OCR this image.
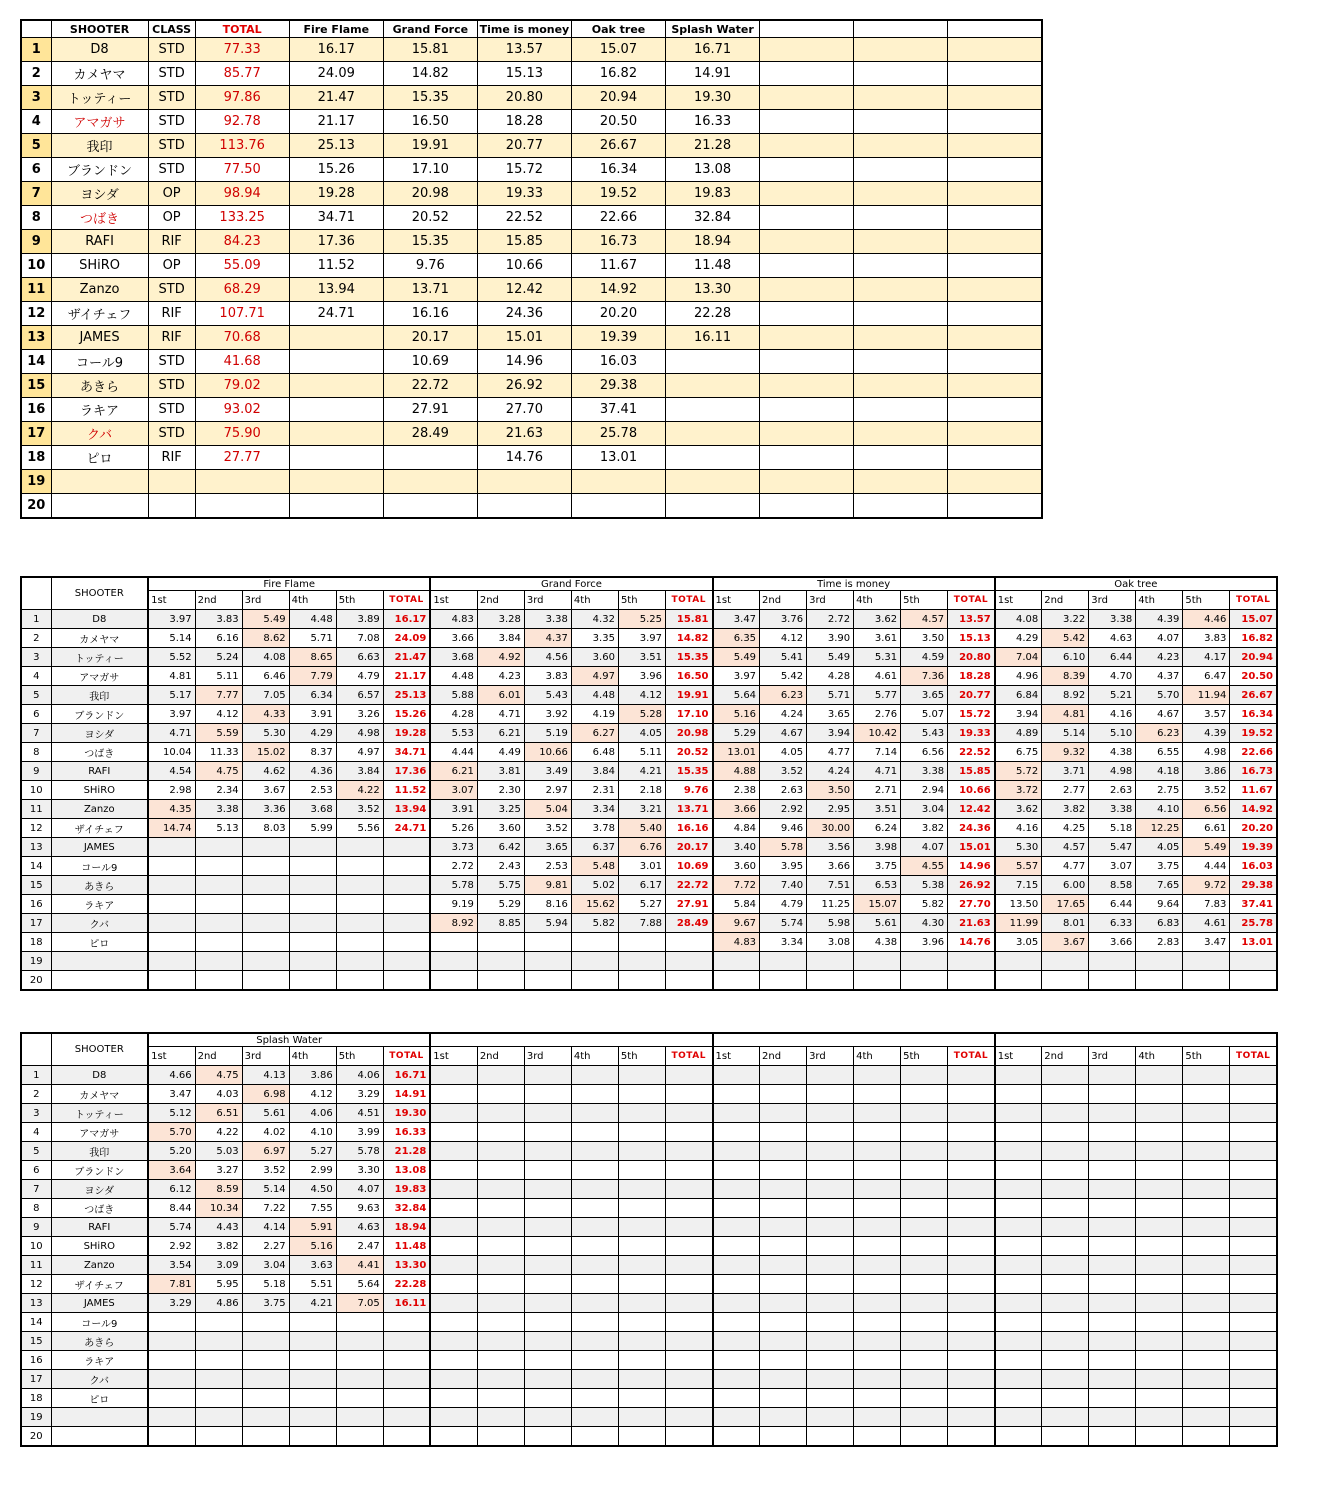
	SHOOTER	CLASS	TOTAL	Fire Flame	Grand Force	Time is money	Oak tree	Splash Water			
1	D8	STD	77.33	16.17	15.81	13.57	15.07	16.71			
2	カメヤマ	STD	85.77	24.09	14.82	15.13	16.82	14.91			
3	トッティー	STD	97.86	21.47	15.35	20.80	20.94	19.30			
4	アマガサ	STD	92.78	21.17	16.50	18.28	20.50	16.33			
5	我印	STD	113.76	25.13	19.91	20.77	26.67	21.28			
6	ブランドン	STD	77.50	15.26	17.10	15.72	16.34	13.08			
7	ヨシダ	OP	98.94	19.28	20.98	19.33	19.52	19.83			
8	つばき	OP	133.25	34.71	20.52	22.52	22.66	32.84			
9	RAFI	RIF	84.23	17.36	15.35	15.85	16.73	18.94			
10	SHiRO	OP	55.09	11.52	9.76	10.66	11.67	11.48			
11	Zanzo	STD	68.29	13.94	13.71	12.42	14.92	13.30			
12	ザイチェフ	RIF	107.71	24.71	16.16	24.36	20.20	22.28			
13	JAMES	RIF	70.68		20.17	15.01	19.39	16.11			
14	コール9	STD	41.68		10.69	14.96	16.03				
15	あきら	STD	79.02		22.72	26.92	29.38				
16	ラキア	STD	93.02		27.91	27.70	37.41				
17	クバ	STD	75.90		28.49	21.63	25.78				
18	ピロ	RIF	27.77			14.76	13.01				
19											
20											
	SHOOTER	Fire Flame						Grand Force						Time is money						Oak tree					
		1st	2nd	3rd	4th	5th	TOTAL	1st	2nd	3rd	4th	5th	TOTAL	1st	2nd	3rd	4th	5th	TOTAL	1st	2nd	3rd	4th	5th	TOTAL
1	D8	3.97	3.83	5.49	4.48	3.89	16.17	4.83	3.28	3.38	4.32	5.25	15.81	3.47	3.76	2.72	3.62	4.57	13.57	4.08	3.22	3.38	4.39	4.46	15.07
2	カメヤマ	5.14	6.16	8.62	5.71	7.08	24.09	3.66	3.84	4.37	3.35	3.97	14.82	6.35	4.12	3.90	3.61	3.50	15.13	4.29	5.42	4.63	4.07	3.83	16.82
3	トッティー	5.52	5.24	4.08	8.65	6.63	21.47	3.68	4.92	4.56	3.60	3.51	15.35	5.49	5.41	5.49	5.31	4.59	20.80	7.04	6.10	6.44	4.23	4.17	20.94
4	アマガサ	4.81	5.11	6.46	7.79	4.79	21.17	4.48	4.23	3.83	4.97	3.96	16.50	3.97	5.42	4.28	4.61	7.36	18.28	4.96	8.39	4.70	4.37	6.47	20.50
5	我印	5.17	7.77	7.05	6.34	6.57	25.13	5.88	6.01	5.43	4.48	4.12	19.91	5.64	6.23	5.71	5.77	3.65	20.77	6.84	8.92	5.21	5.70	11.94	26.67
6	ブランドン	3.97	4.12	4.33	3.91	3.26	15.26	4.28	4.71	3.92	4.19	5.28	17.10	5.16	4.24	3.65	2.76	5.07	15.72	3.94	4.81	4.16	4.67	3.57	16.34
7	ヨシダ	4.71	5.59	5.30	4.29	4.98	19.28	5.53	6.21	5.19	6.27	4.05	20.98	5.29	4.67	3.94	10.42	5.43	19.33	4.89	5.14	5.10	6.23	4.39	19.52
8	つばき	10.04	11.33	15.02	8.37	4.97	34.71	4.44	4.49	10.66	6.48	5.11	20.52	13.01	4.05	4.77	7.14	6.56	22.52	6.75	9.32	4.38	6.55	4.98	22.66
9	RAFI	4.54	4.75	4.62	4.36	3.84	17.36	6.21	3.81	3.49	3.84	4.21	15.35	4.88	3.52	4.24	4.71	3.38	15.85	5.72	3.71	4.98	4.18	3.86	16.73
10	SHiRO	2.98	2.34	3.67	2.53	4.22	11.52	3.07	2.30	2.97	2.31	2.18	9.76	2.38	2.63	3.50	2.71	2.94	10.66	3.72	2.77	2.63	2.75	3.52	11.67
11	Zanzo	4.35	3.38	3.36	3.68	3.52	13.94	3.91	3.25	5.04	3.34	3.21	13.71	3.66	2.92	2.95	3.51	3.04	12.42	3.62	3.82	3.38	4.10	6.56	14.92
12	ザイチェフ	14.74	5.13	8.03	5.99	5.56	24.71	5.26	3.60	3.52	3.78	5.40	16.16	4.84	9.46	30.00	6.24	3.82	24.36	4.16	4.25	5.18	12.25	6.61	20.20
13	JAMES							3.73	6.42	3.65	6.37	6.76	20.17	3.40	5.78	3.56	3.98	4.07	15.01	5.30	4.57	5.47	4.05	5.49	19.39
14	コール9							2.72	2.43	2.53	5.48	3.01	10.69	3.60	3.95	3.66	3.75	4.55	14.96	5.57	4.77	3.07	3.75	4.44	16.03
15	あきら							5.78	5.75	9.81	5.02	6.17	22.72	7.72	7.40	7.51	6.53	5.38	26.92	7.15	6.00	8.58	7.65	9.72	29.38
16	ラキア							9.19	5.29	8.16	15.62	5.27	27.91	5.84	4.79	11.25	15.07	5.82	27.70	13.50	17.65	6.44	9.64	7.83	37.41
17	クバ							8.92	8.85	5.94	5.82	7.88	28.49	9.67	5.74	5.98	5.61	4.30	21.63	11.99	8.01	6.33	6.83	4.61	25.78
18	ピロ													4.83	3.34	3.08	4.38	3.96	14.76	3.05	3.67	3.66	2.83	3.47	13.01
19																									
20																									
	SHOOTER	Splash Water																							
		1st	2nd	3rd	4th	5th	TOTAL	1st	2nd	3rd	4th	5th	TOTAL	1st	2nd	3rd	4th	5th	TOTAL	1st	2nd	3rd	4th	5th	TOTAL
1	D8	4.66	4.75	4.13	3.86	4.06	16.71																		
2	カメヤマ	3.47	4.03	6.98	4.12	3.29	14.91																		
3	トッティー	5.12	6.51	5.61	4.06	4.51	19.30																		
4	アマガサ	5.70	4.22	4.02	4.10	3.99	16.33																		
5	我印	5.20	5.03	6.97	5.27	5.78	21.28																		
6	ブランドン	3.64	3.27	3.52	2.99	3.30	13.08																		
7	ヨシダ	6.12	8.59	5.14	4.50	4.07	19.83																		
8	つばき	8.44	10.34	7.22	7.55	9.63	32.84																		
9	RAFI	5.74	4.43	4.14	5.91	4.63	18.94																		
10	SHiRO	2.92	3.82	2.27	5.16	2.47	11.48																		
11	Zanzo	3.54	3.09	3.04	3.63	4.41	13.30																		
12	ザイチェフ	7.81	5.95	5.18	5.51	5.64	22.28																		
13	JAMES	3.29	4.86	3.75	4.21	7.05	16.11																		
14	コール9																								
15	あきら																								
16	ラキア																								
17	クバ																								
18	ピロ																								
19																									
20																									
